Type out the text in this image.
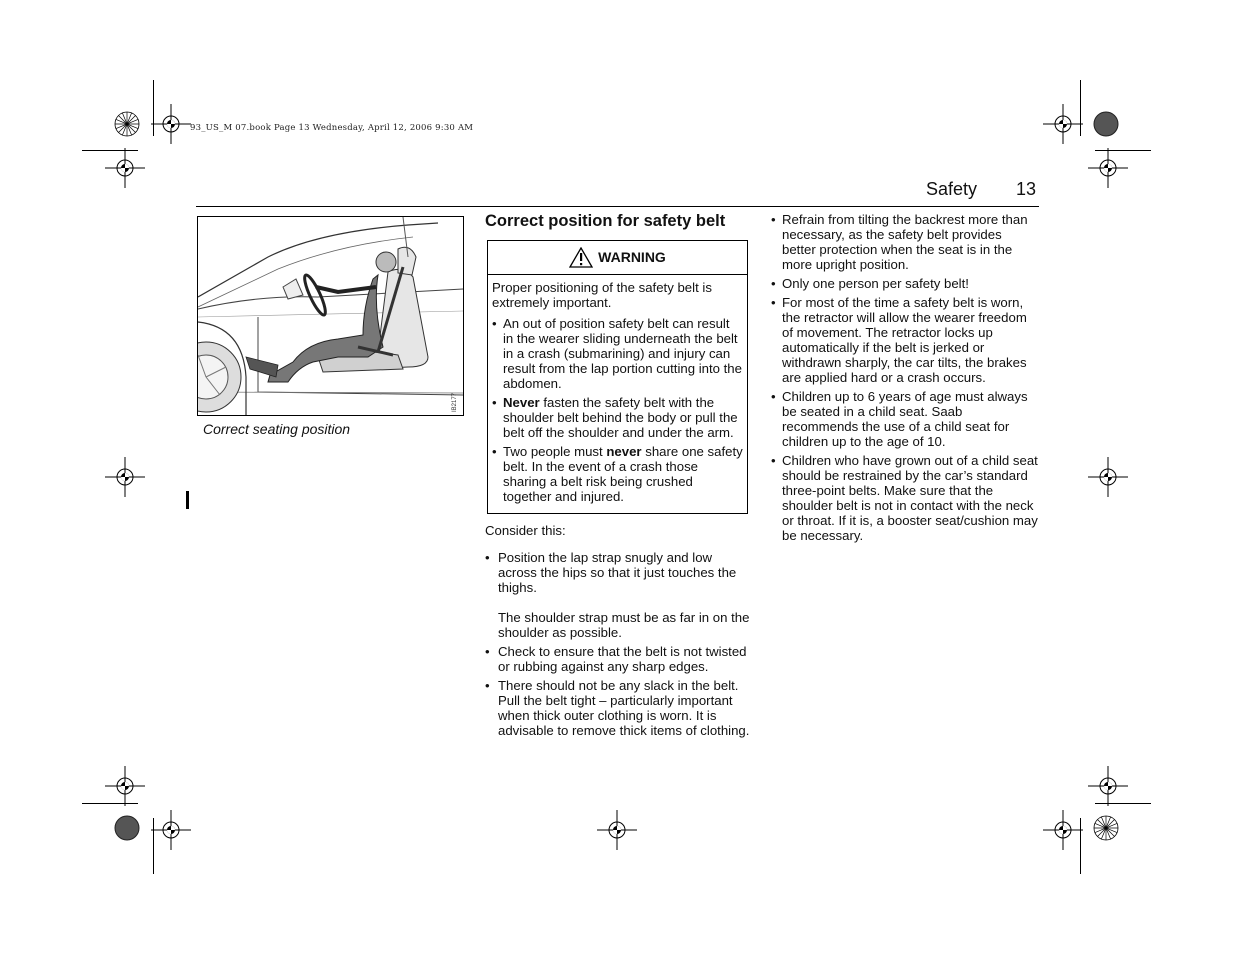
93_US_M 07.book Page 13 Wednesday, April 12, 2006 9:30 AM
Safety 13
IB2177
Correct seating position
Correct position for safety belt
WARNING

Proper positioning of the safety belt is extremely important.

• An out of position safety belt can result in the wearer sliding underneath the belt in a crash (submarining) and injury can result from the lap portion cutting into the abdomen.
• Never fasten the safety belt with the shoulder belt behind the body or pull the belt off the shoulder and under the arm.
• Two people must never share one safety belt. In the event of a crash those sharing a belt risk being crushed together and injured.

Consider this:

• Position the lap strap snugly and low across the hips so that it just touches the thighs.
The shoulder strap must be as far in on the shoulder as possible.
• Check to ensure that the belt is not twisted or rubbing against any sharp edges.
• There should not be any slack in the belt. Pull the belt tight – particularly important when thick outer clothing is worn. It is advisable to remove thick items of clothing.
• Refrain from tilting the backrest more than necessary, as the safety belt provides better protection when the seat is in the more upright position.
• Only one person per safety belt!
• For most of the time a safety belt is worn, the retractor will allow the wearer freedom of movement. The retractor locks up automatically if the belt is jerked or withdrawn sharply, the car tilts, the brakes are applied hard or a crash occurs.
• Children up to 6 years of age must always be seated in a child seat. Saab recommends the use of a child seat for children up to the age of 10.
• Children who have grown out of a child seat should be restrained by the car’s standard three-point belts. Make sure that the shoulder belt is not in contact with the neck or throat. If it is, a booster seat/cushion may be necessary.
